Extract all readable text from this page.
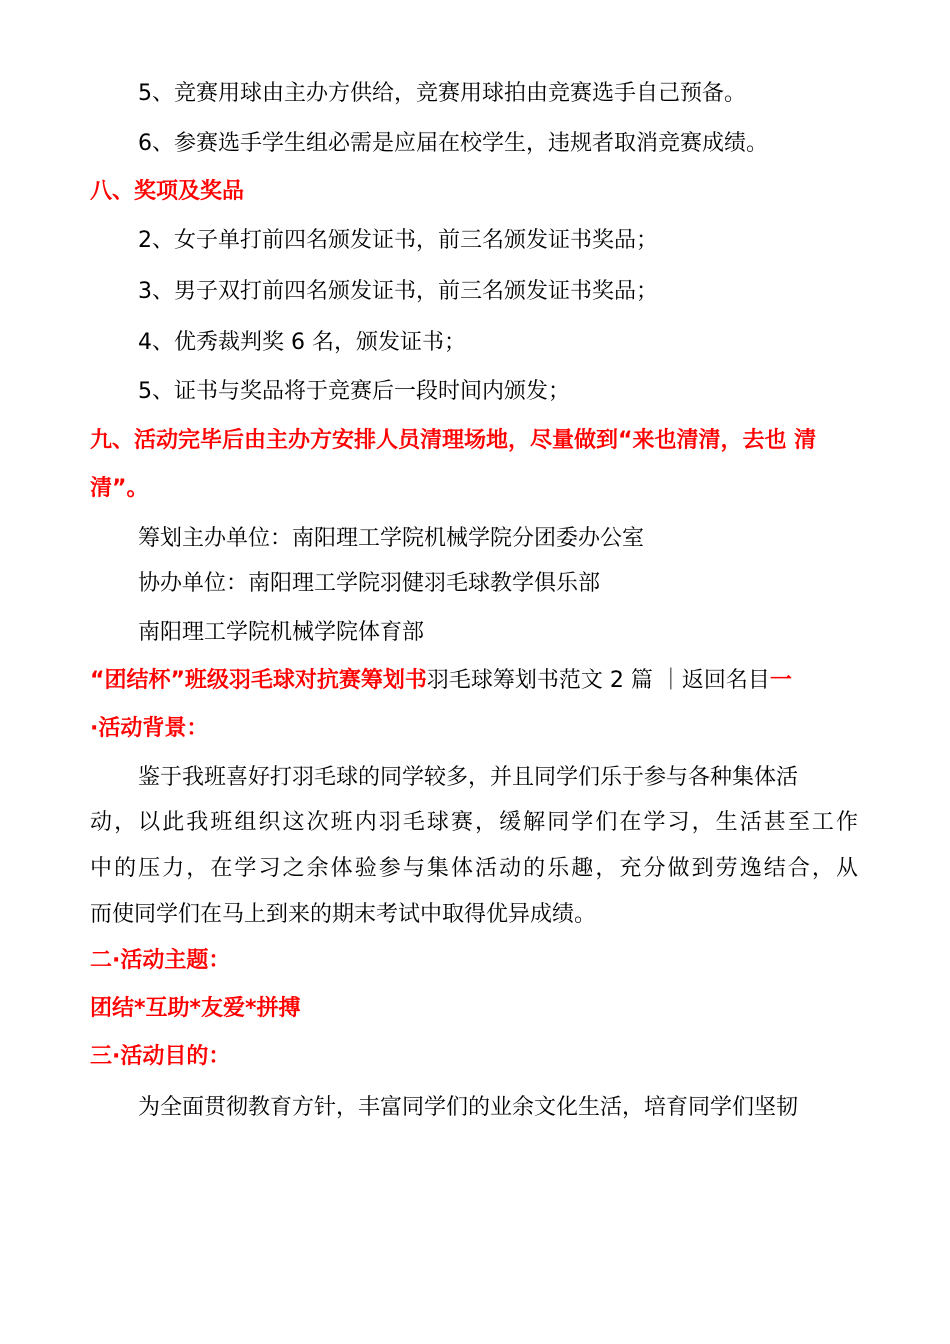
5、竞赛用球由主办方供给，竞赛用球拍由竞赛选手自己预备。

6、参赛选手学生组必需是应届在校学生，违规者取消竞赛成绩。

八、奖项及奖品

2、女子单打前四名颁发证书，前三名颁发证书奖品；

3、男子双打前四名颁发证书，前三名颁发证书奖品；

4、优秀裁判奖 6 名，颁发证书；

5、证书与奖品将于竞赛后一段时间内颁发；

九、活动完毕后由主办方安排人员清理场地，尽量做到“来也清清，去也 清

清”。

筹划主办单位：南阳理工学院机械学院分团委办公室

协办单位：南阳理工学院羽健羽毛球教学俱乐部

南阳理工学院机械学院体育部

“团结杯”班级羽毛球对抗赛筹划书羽毛球筹划书范文 2 篇 ｜返回名目一

·活动背景：

鉴于我班喜好打羽毛球的同学较多，并且同学们乐于参与各种集体活

动，以此我班组织这次班内羽毛球赛，缓解同学们在学习，生活甚至工作

中的压力，在学习之余体验参与集体活动的乐趣，充分做到劳逸结合，从

而使同学们在马上到来的期末考试中取得优异成绩。

二·活动主题：

团结*互助*友爱*拼搏

三·活动目的：

为全面贯彻教育方针，丰富同学们的业余文化生活，培育同学们坚韧
